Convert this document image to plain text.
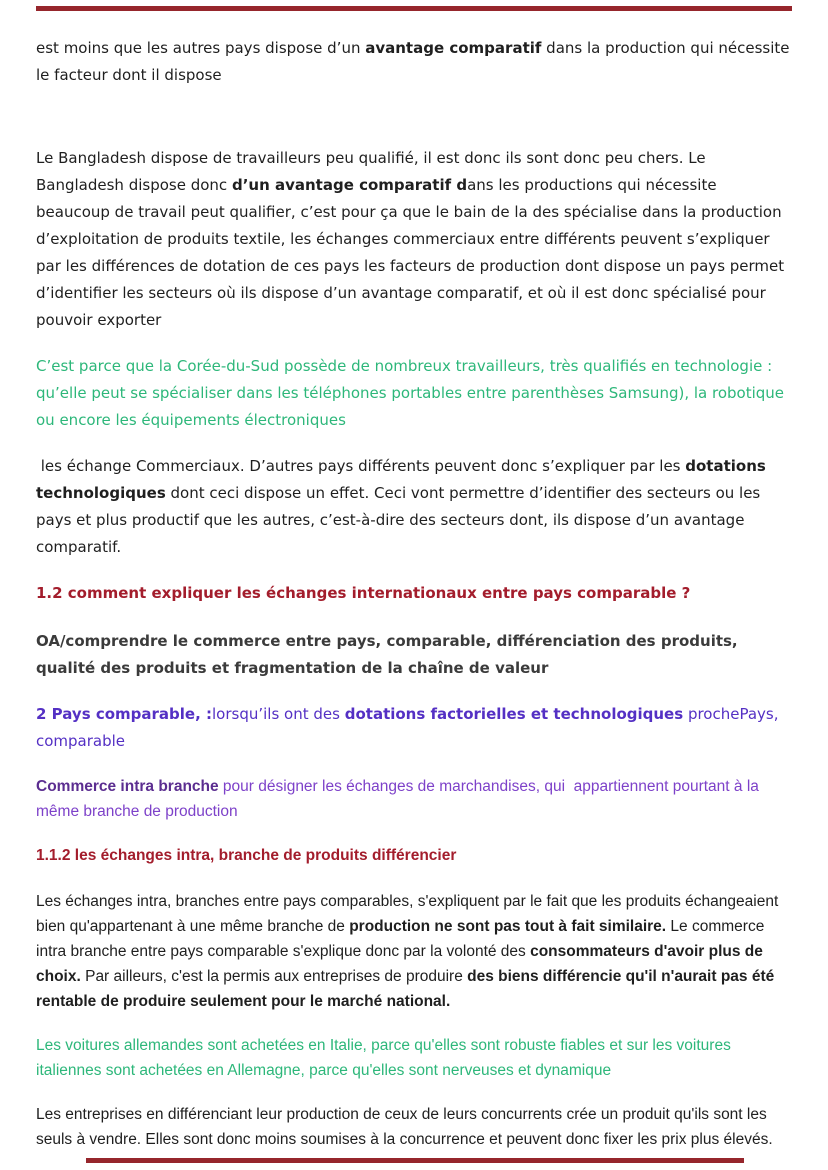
est moins que les autres pays dispose d’un avantage comparatif dans la production qui nécessite le facteur dont il dispose

Le Bangladesh dispose de travailleurs peu qualifié, il est donc ils sont donc peu chers. Le Bangladesh dispose donc d’un avantage comparatif dans les productions qui nécessite beaucoup de travail peut qualifier, c’est pour ça que le bain de la des spécialise dans la production d’exploitation de produits textile, les échanges commerciaux entre différents peuvent s’expliquer par les différences de dotation de ces pays les facteurs de production dont dispose un pays permet d’identifier les secteurs où ils dispose d’un avantage comparatif, et où il est donc spécialisé pour pouvoir exporter

C’est parce que la Corée-du-Sud possède de nombreux travailleurs, très qualifiés en technologie : qu’elle peut se spécialiser dans les téléphones portables entre parenthèses Samsung), la robotique ou encore les équipements électroniques

les échange Commerciaux. D’autres pays différents peuvent donc s’expliquer par les dotations technologiques dont ceci dispose un effet. Ceci vont permettre d’identifier des secteurs ou les pays et plus productif que les autres, c’est-à-dire des secteurs dont, ils dispose d’un avantage comparatif.

1.2 comment expliquer les échanges internationaux entre pays comparable ?

OA/comprendre le commerce entre pays, comparable, différenciation des produits, qualité des produits et fragmentation de la chaîne de valeur

2 Pays comparable, :lorsqu’ils ont des dotations factorielles et technologiques prochePays, comparable

Commerce intra branche pour désigner les échanges de marchandises, qui  appartiennent pourtant à la même branche de production

1.1.2 les échanges intra, branche de produits différencier

Les échanges intra, branches entre pays comparables, s'expliquent par le fait que les produits échangeaient bien qu'appartenant à une même branche de production ne sont pas tout à fait similaire. Le commerce intra branche entre pays comparable s'explique donc par la volonté des consommateurs d'avoir plus de choix. Par ailleurs, c'est la permis aux entreprises de produire des biens différencie qu'il n'aurait pas été rentable de produire seulement pour le marché national.

Les voitures allemandes sont achetées en Italie, parce qu'elles sont robuste fiables et sur les voitures italiennes sont achetées en Allemagne, parce qu'elles sont nerveuses et dynamique

Les entreprises en différenciant leur production de ceux de leurs concurrents crée un produit qu'ils sont les seuls à vendre. Elles sont donc moins soumises à la concurrence et peuvent donc fixer les prix plus élevés.
